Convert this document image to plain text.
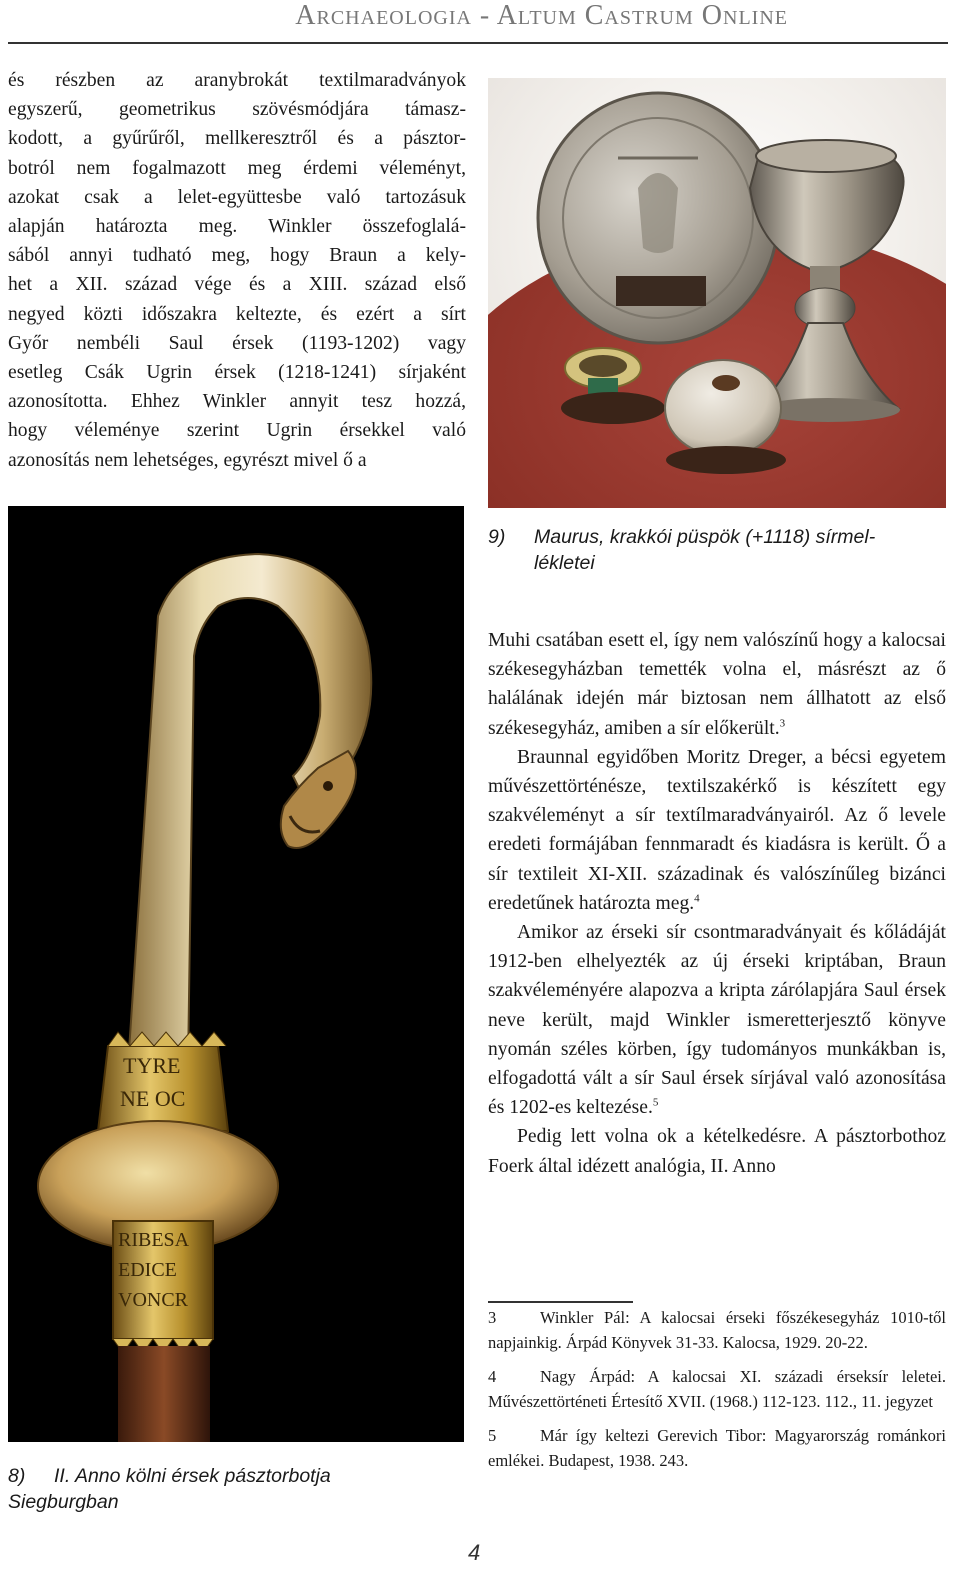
Archaeologia - Altum Castrum Online

és részben az aranybrokát textilmaradványok
egyszerű, geometrikus szövésmódjára támasz-
kodott, a gyűrűről, mellkeresztről és a pásztor-
botról nem fogalmazott meg érdemi véleményt,
azokat csak a lelet-együttesbe való tartozásuk
alapján határozta meg. Winkler összefoglalá-
sából annyi tudható meg, hogy Braun a kely-
het a XII. század vége és a XIII. század első
negyed közti időszakra keltezte, és ezért a sírt
Győr nembéli Saul érsek (1193-1202) vagy
esetleg Csák Ugrin érsek (1218-1241) sírjaként
azonosította. Ehhez Winkler annyit tesz hozzá,
hogy véleménye szerint Ugrin érsekkel való
azonosítás nem lehetséges, egyrészt mivel ő a

9) Maurus, krakkói püspök (+1118) sírmel-
lékletei
TYRE
NE OC
RIBESA
EDICE
VONCR
8) II. Anno kölni érsek pásztorbotja
Siegburgban

Muhi csatában esett el, így nem valószínű hogy a kalocsai székesegyházban temették volna el, másrészt az ő halálának idején már biztosan nem állhatott az első székesegyház, amiben a sír előkerült.$^3$

Braunnal egyidőben Moritz Dreger, a bécsi egyetem művészettörténésze, textilszakérkő is készített egy szakvéleményt a sír textílmaradványairól. Az ő levele eredeti formájában fennmaradt és kiadásra is került. Ő a sír textileit XI-XII. századinak és valószínűleg bizánci eredetűnek határozta meg.$^4$

Amikor az érseki sír csontmaradványait és kőládáját 1912-ben elhelyezték az új érseki kriptában, Braun szakvéleményére alapozva a kripta zárólapjára Saul érsek neve került, majd Winkler ismeretterjesztő könyve nyomán széles körben, így tudományos munkákban is, elfogadottá vált a sír Saul érsek sírjával való azonosítása és 1202-es keltezése.$^5$

Pedig lett volna ok a kételkedésre. A pásztorbothoz Foerk által idézett analógia, II. Anno

3	Winkler Pál: A kalocsai érseki főszékesegyház 1010-től napjainkig. Árpád Könyvek 31-33. Kalocsa, 1929. 20-22.

4	Nagy Árpád: A kalocsai XI. századi érseksír leletei. Művészettörténeti Értesítő XVII. (1968.) 112-123. 112., 11. jegyzet

5	Már így keltezi Gerevich Tibor: Magyarország románkori emlékei. Budapest, 1938. 243.

4
